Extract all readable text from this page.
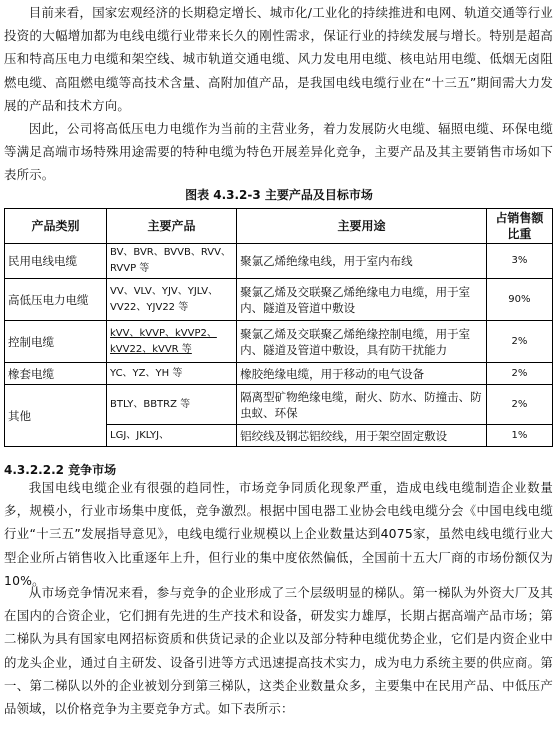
目前来看，国家宏观经济的长期稳定增长、城市化/工业化的持续推进和电网、轨道交通等行业投资的大幅增加都为电线电缆行业带来长久的刚性需求，保证行业的持续发展与增长。特别是超高压和特高压电力电缆和架空线、城市轨道交通电缆、风力发电用电缆、核电站用电缆、低烟无卤阻燃电缆、高阻燃电缆等高技术含量、高附加值产品，是我国电线电缆行业在“十三五”期间需大力发展的产品和技术方向。

因此，公司将高低压电力电缆作为当前的主营业务，着力发展防火电缆、辐照电缆、环保电缆等满足高端市场特殊用途需要的特种电缆为特色开展差异化竞争，主要产品及其主要销售市场如下表所示。

图表 4.3.2-3 主要产品及目标市场

产品类别	主要产品	主要用途	占销售额比重
民用电线电缆	BV、BVR、BVVB、RVV、RVVP 等	聚氯乙烯绝缘电线，用于室内布线	3%
高低压电力电缆	VV、VLV、YJV、YJLV、VV22、YJV22 等	聚氯乙烯及交联聚乙烯绝缘电力电缆，用于室内、隧道及管道中敷设	90%
控制电缆	kVV、kVVP、kVVP2、kVV22、kVVR 等	聚氯乙烯及交联聚乙烯绝缘控制电缆，用于室内、隧道及管道中敷设，具有防干扰能力	2%
橡套电缆	YC、YZ、YH 等	橡胶绝缘电缆，用于移动的电气设备	2%
其他	BTLY、BBTRZ 等	隔离型矿物绝缘电缆，耐火、防水、防撞击、防虫蚁、环保	2%
	LGJ、JKLYJ、	铝绞线及钢芯铝绞线，用于架空固定敷设	1%

4.3.2.2.2 竞争市场

我国电线电缆企业有很强的趋同性，市场竞争同质化现象严重，造成电线电缆制造企业数量多，规模小，行业市场集中度低，竞争激烈。根据中国电器工业协会电线电缆分会《中国电线电缆行业“十三五”发展指导意见》，电线电缆行业规模以上企业数量达到4075家，虽然电线电缆行业大型企业所占销售收入比重逐年上升，但行业的集中度依然偏低，全国前十五大厂商的市场份额仅为10%。

从市场竞争情况来看，参与竞争的企业形成了三个层级明显的梯队。第一梯队为外资大厂及其在国内的合资企业，它们拥有先进的生产技术和设备，研发实力雄厚，长期占据高端产品市场；第二梯队为具有国家电网招标资质和供货记录的企业以及部分特种电缆优势企业，它们是内资企业中的龙头企业，通过自主研发、设备引进等方式迅速提高技术实力，成为电力系统主要的供应商。第一、第二梯队以外的企业被划分到第三梯队，这类企业数量众多，主要集中在民用产品、中低压产品领域，以价格竞争为主要竞争方式。如下表所示：
